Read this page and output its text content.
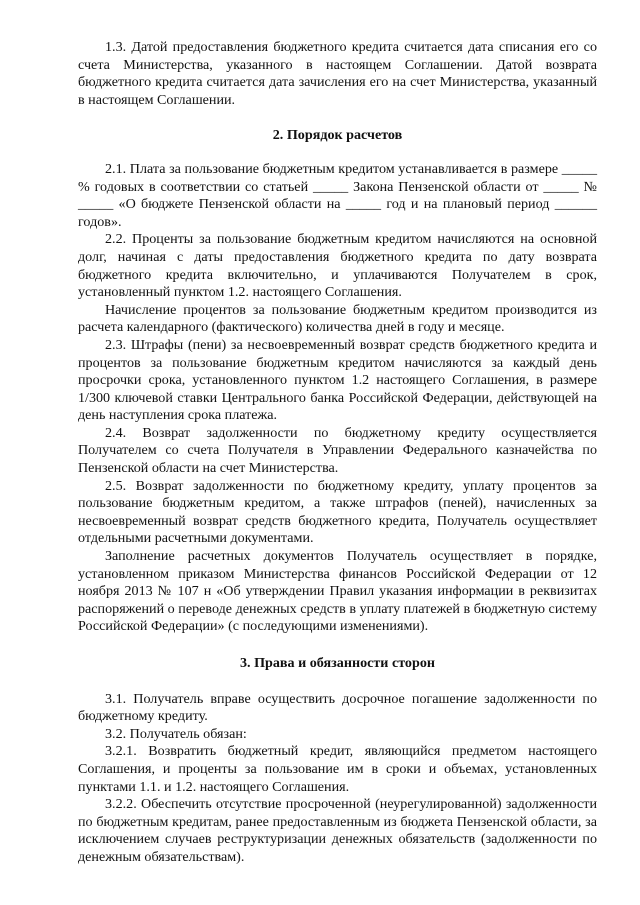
1.3. Датой предоставления бюджетного кредита считается дата списания его со счета Министерства, указанного в настоящем Соглашении. Датой возврата бюджетного кредита считается дата зачисления его на счет Министерства, указанный в настоящем Соглашении.

2. Порядок расчетов

2.1. Плата за пользование бюджетным кредитом устанавливается в размере _____ % годовых в соответствии со статьей _____ Закона Пензенской области от _____ № _____ «О бюджете Пензенской области на _____ год и на плановый период ______ годов».

2.2. Проценты за пользование бюджетным кредитом начисляются на основной долг, начиная с даты предоставления бюджетного кредита по дату возврата бюджетного кредита включительно, и уплачиваются Получателем в срок, установленный пунктом 1.2. настоящего Соглашения.

Начисление процентов за пользование бюджетным кредитом производится из расчета календарного (фактического) количества дней в году и месяце.

2.3. Штрафы (пени) за несвоевременный возврат средств бюджетного кредита и процентов за пользование бюджетным кредитом начисляются за каждый день просрочки срока, установленного пунктом 1.2 настоящего Соглашения, в размере 1/300 ключевой ставки Центрального банка Российской Федерации, действующей на день наступления срока платежа.

2.4. Возврат задолженности по бюджетному кредиту осуществляется Получателем со счета Получателя в Управлении Федерального казначейства по Пензенской области на счет Министерства.

2.5. Возврат задолженности по бюджетному кредиту, уплату процентов за пользование бюджетным кредитом, а также штрафов (пеней), начисленных за несвоевременный возврат средств бюджетного кредита, Получатель осуществляет отдельными расчетными документами.

Заполнение расчетных документов Получатель осуществляет в порядке, установленном приказом Министерства финансов Российской Федерации от 12 ноября 2013 № 107 н «Об утверждении Правил указания информации в реквизитах распоряжений о переводе денежных средств в уплату платежей в бюджетную систему Российской Федерации» (с последующими изменениями).

3. Права и обязанности сторон

3.1. Получатель вправе осуществить досрочное погашение задолженности по бюджетному кредиту.

3.2. Получатель обязан:

3.2.1. Возвратить бюджетный кредит, являющийся предметом настоящего Соглашения, и проценты за пользование им в сроки и объемах, установленных пунктами 1.1. и 1.2. настоящего Соглашения.

3.2.2. Обеспечить отсутствие просроченной (неурегулированной) задолженности по бюджетным кредитам, ранее предоставленным из бюджета Пензенской области, за исключением случаев реструктуризации денежных обязательств (задолженности по денежным обязательствам).
